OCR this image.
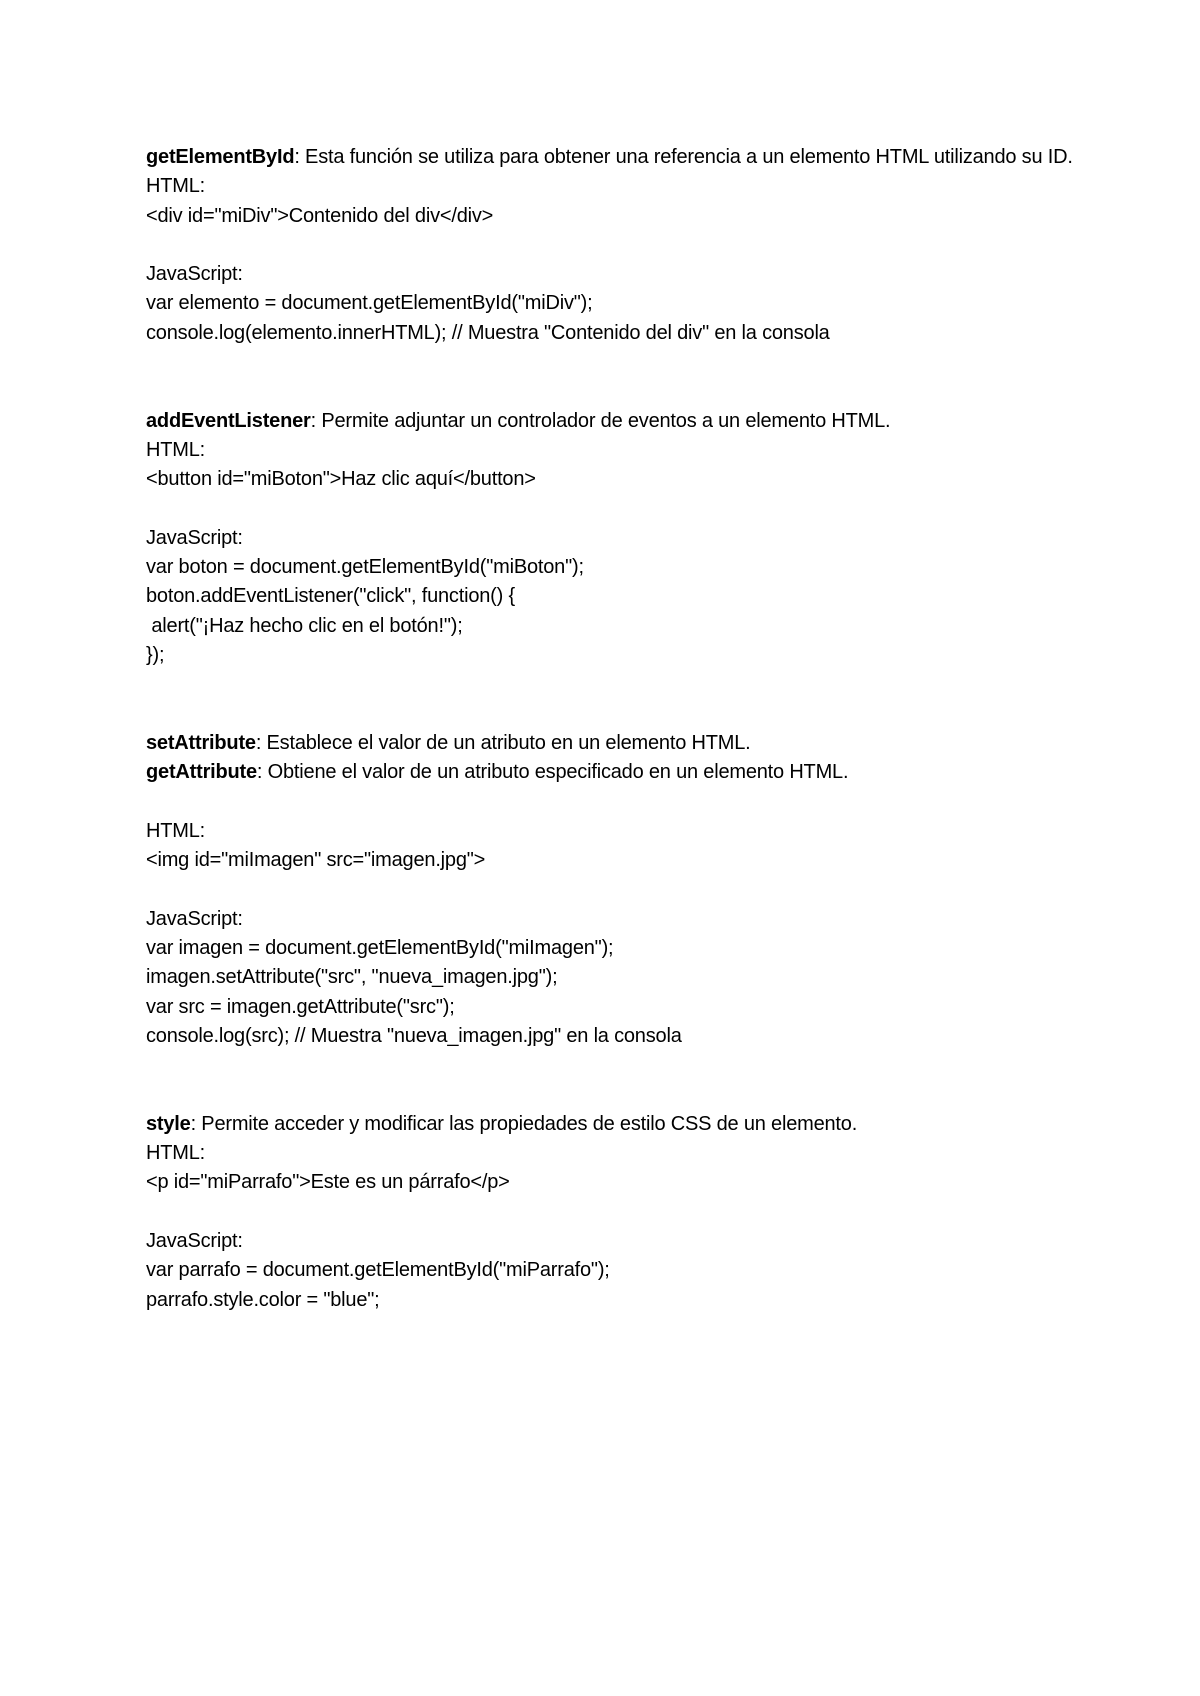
getElementById: Esta función se utiliza para obtener una referencia a un elemento HTML utilizando su ID.
HTML:
<div id="miDiv">Contenido del div</div>
JavaScript:
var elemento = document.getElementById("miDiv");
console.log(elemento.innerHTML); // Muestra "Contenido del div" en la consola
addEventListener: Permite adjuntar un controlador de eventos a un elemento HTML.
HTML:
<button id="miBoton">Haz clic aquí</button>
JavaScript:
var boton = document.getElementById("miBoton");
boton.addEventListener("click", function() {
alert("¡Haz hecho clic en el botón!");
});
setAttribute: Establece el valor de un atributo en un elemento HTML.
getAttribute: Obtiene el valor de un atributo especificado en un elemento HTML.
HTML:
<img id="miImagen" src="imagen.jpg">
JavaScript:
var imagen = document.getElementById("miImagen");
imagen.setAttribute("src", "nueva_imagen.jpg");
var src = imagen.getAttribute("src");
console.log(src); // Muestra "nueva_imagen.jpg" en la consola
style: Permite acceder y modificar las propiedades de estilo CSS de un elemento.
HTML:
<p id="miParrafo">Este es un párrafo</p>
JavaScript:
var parrafo = document.getElementById("miParrafo");
parrafo.style.color = "blue";
